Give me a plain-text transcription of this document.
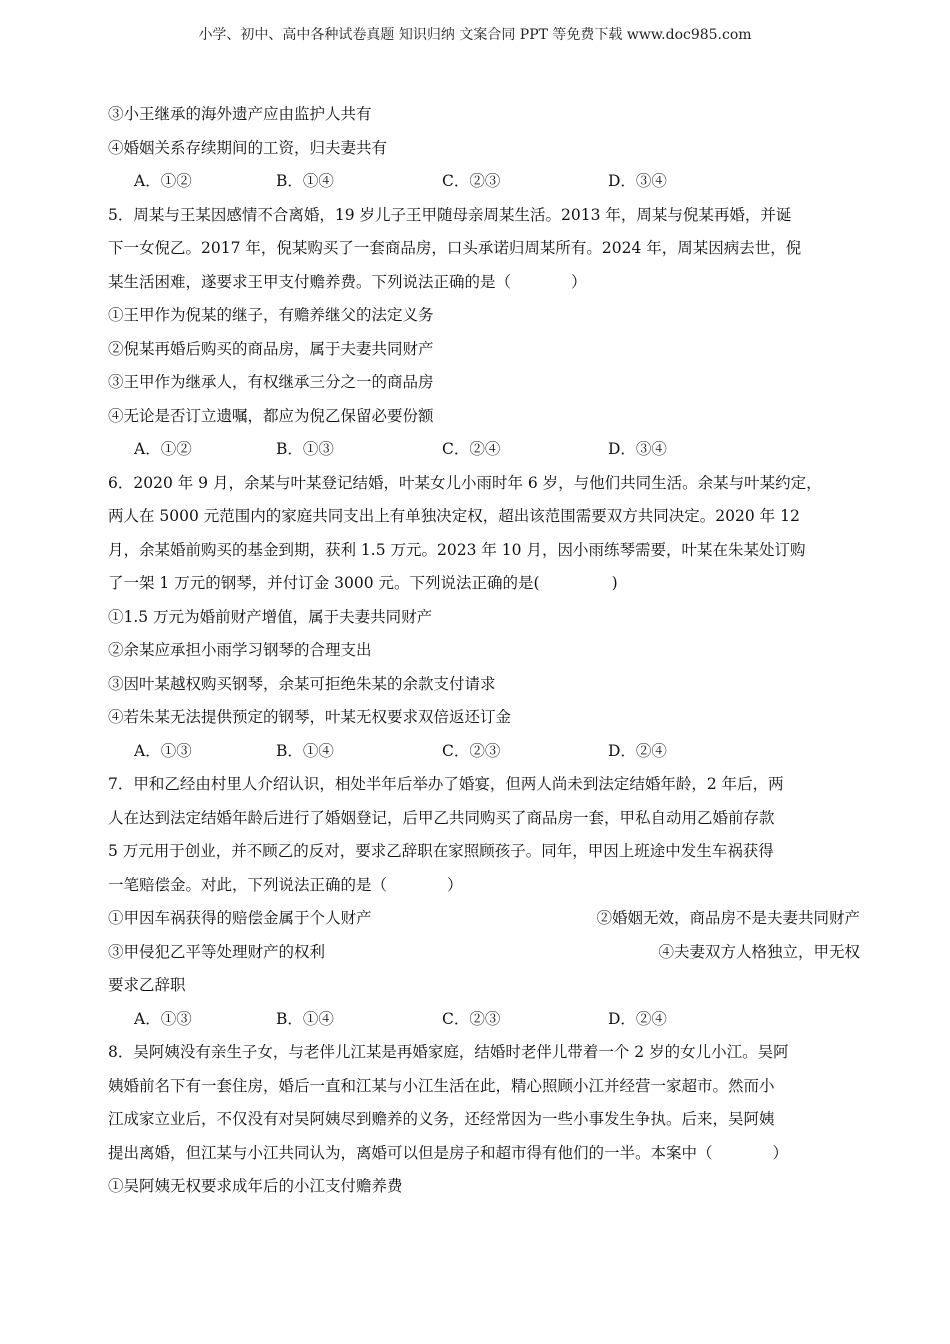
小学、初中、高中各种试卷真题 知识归纳 文案合同 PPT 等免费下载 www.doc985.com
③小王继承的海外遗产应由监护人共有
④婚姻关系存续期间的工资，归夫妻共有
A．①②	B．①④	C．②③	D．③④
5．周某与王某因感情不合离婚，19 岁儿子王甲随母亲周某生活。2013 年，周某与倪某再婚，并诞
下一女倪乙。2017 年，倪某购买了一套商品房，口头承诺归周某所有。2024 年，周某因病去世，倪
某生活困难，遂要求王甲支付赡养费。下列说法正确的是（	）
①王甲作为倪某的继子，有赡养继父的法定义务
②倪某再婚后购买的商品房，属于夫妻共同财产
③王甲作为继承人，有权继承三分之一的商品房
④无论是否订立遗嘱，都应为倪乙保留必要份额
A．①②	B．①③	C．②④	D．③④
6．2020 年 9 月，余某与叶某登记结婚，叶某女儿小雨时年 6 岁，与他们共同生活。余某与叶某约定，
两人在 5000 元范围内的家庭共同支出上有单独决定权，超出该范围需要双方共同决定。2020 年 12
月，余某婚前购买的基金到期，获利 1.5 万元。2023 年 10 月，因小雨练琴需要，叶某在朱某处订购
了一架 1 万元的钢琴，并付订金 3000 元。下列说法正确的是(	)
①1.5 万元为婚前财产增值，属于夫妻共同财产
②余某应承担小雨学习钢琴的合理支出
③因叶某越权购买钢琴，余某可拒绝朱某的余款支付请求
④若朱某无法提供预定的钢琴，叶某无权要求双倍返还订金
A．①③	B．①④	C．②③	D．②④
7．甲和乙经由村里人介绍认识，相处半年后举办了婚宴，但两人尚未到法定结婚年龄，2 年后，两
人在达到法定结婚年龄后进行了婚姻登记，后甲乙共同购买了商品房一套，甲私自动用乙婚前存款
5 万元用于创业，并不顾乙的反对，要求乙辞职在家照顾孩子。同年，甲因上班途中发生车祸获得
一笔赔偿金。对此，下列说法正确的是（	）
①甲因车祸获得的赔偿金属于个人财产	②婚姻无效，商品房不是夫妻共同财产
③甲侵犯乙平等处理财产的权利	④夫妻双方人格独立，甲无权
要求乙辞职
A．①③	B．①④	C．②③	D．②④
8．吴阿姨没有亲生子女，与老伴儿江某是再婚家庭，结婚时老伴儿带着一个 2 岁的女儿小江。吴阿
姨婚前名下有一套住房，婚后一直和江某与小江生活在此，精心照顾小江并经营一家超市。然而小
江成家立业后，不仅没有对吴阿姨尽到赡养的义务，还经常因为一些小事发生争执。后来，吴阿姨
提出离婚，但江某与小江共同认为，离婚可以但是房子和超市得有他们的一半。本案中（	）
①吴阿姨无权要求成年后的小江支付赡养费
